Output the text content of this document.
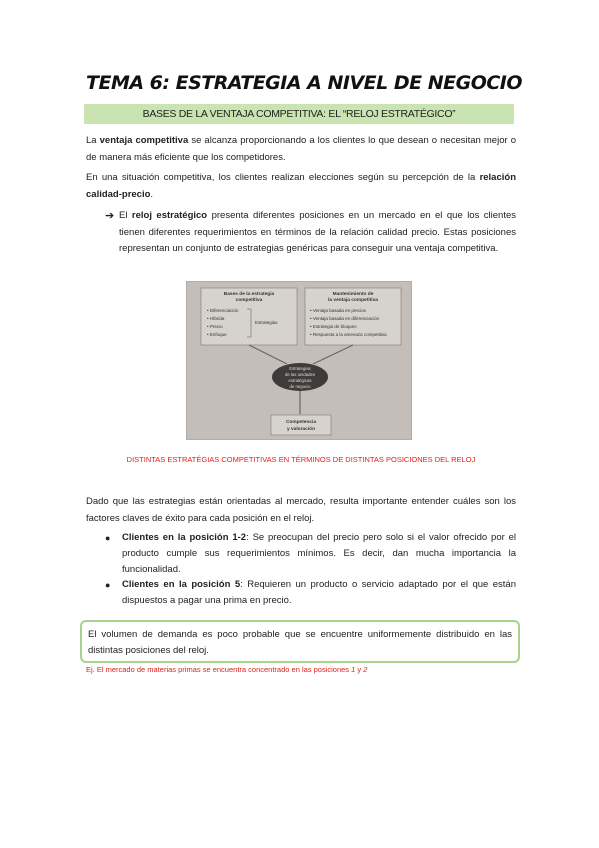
TEMA 6: ESTRATEGIA A NIVEL DE NEGOCIO
BASES DE LA VENTAJA COMPETITIVA: EL “RELOJ ESTRATÉGICO”
La ventaja competitiva se alcanza proporcionando a los clientes lo que desean o necesitan mejor o de manera más eficiente que los competidores.
En una situación competitiva, los clientes realizan elecciones según su percepción de la relación calidad-precio.
➔ El reloj estratégico presenta diferentes posiciones en un mercado en el que los clientes tienen diferentes requerimientos en términos de la relación calidad precio. Estas posiciones representan un conjunto de estrategias genéricas para conseguir una ventaja competitiva.
Bases de la estrategia
competitiva
• Diferenciación
• Híbrida
• Precio
• Enfoque
Estrategias
Mantenimiento de
la ventaja competitiva
• Ventaja basada en precios
• Ventaja basada en diferenciación
• Estrategia de bloqueo
• Respuesta a la amenaza competitiva
Estrategias
de las unidades
estratégicas
de negocio
Competencia
y valoración
DISTINTAS ESTRATÉGIAS COMPETITIVAS EN TÉRMINOS DE DISTINTAS POSICIONES DEL RELOJ
Dado que las estrategias están orientadas al mercado, resulta importante entender cuáles son los factores claves de éxito para cada posición en el reloj.
● Clientes en la posición 1-2: Se preocupan del precio pero solo si el valor ofrecido por el producto cumple sus requerimientos mínimos. Es decir, dan mucha importancia la funcionalidad.
● Clientes en la posición 5: Requieren un producto o servicio adaptado por el que están dispuestos a pagar una prima en precio.
El volumen de demanda es poco probable que se encuentre uniformemente distribuido en las distintas posiciones del reloj.
Ej. El mercado de materias primas se encuentra concentrado en las posiciones 1 y 2
